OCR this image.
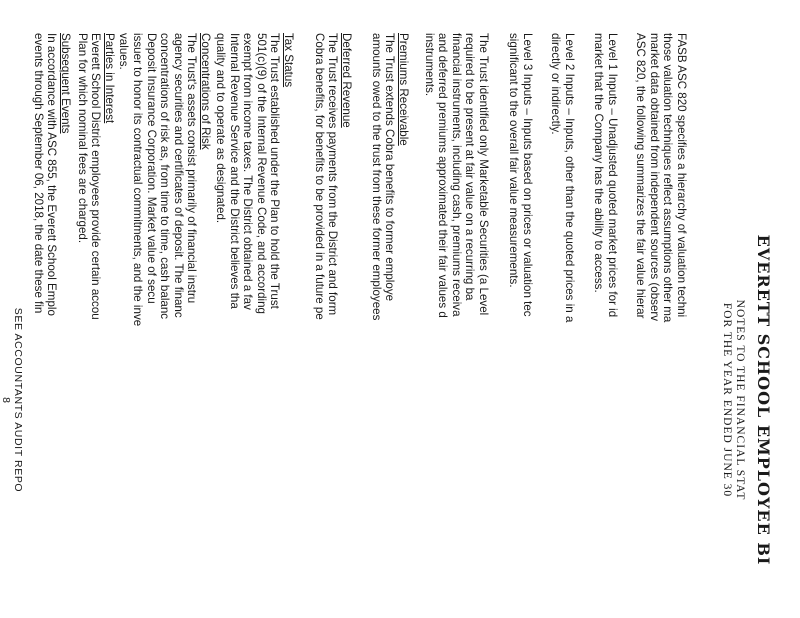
EVERETT SCHOOL EMPLOYEE BI
NOTES TO THE FINANCIAL STAT
FOR THE YEAR ENDED JUNE 30
FASB ASC 820 specifies a hierarchy of valuation techni
those valuation techniques reflect assumptions other ma
market data obtained from independent sources (observ
ASC 820, the following summarizes the fair value hierar
Level 1 Inputs – Unadjusted quoted market prices for id
market that the Company has the ability to access.
Level 2 Inputs – Inputs, other than the quoted prices in a
directly or indirectly.
Level 3 Inputs – Inputs based on prices or valuation tec
significant to the overall fair value measurements.
The Trust identified only Marketable Securities (a Level
required to be present at fair value on a recurring ba
financial instruments, including cash, premiums receiva
and deferred premiums approximated their fair values d
instruments.
Premiums Receivable
The Trust extends Cobra benefits to former employe
amounts owed to the trust from these former employees
Deferred Revenue
The Trust receives payments from the District and form
Cobra benefits, for benefits to be provided in a future pe
Tax Status
The Trust established under the Plan to hold the Trust
501(c)(9) of the Internal Revenue Code, and according
exempt from income taxes. The District obtained a fav
Internal Revenue Service and the District believes tha
quality and to operate as designated.
Concentrations of Risk
The Trust's assets consist primarily of financial instru
agency securities and certificates of deposit. The financ
concentrations of risk as, from time to time, cash balanc
Deposit Insurance Corporation. Market value of secu
issuer to honor its contractual commitments, and the inve
values.
Parties in Interest
Everett School District employees provide certain accou
Plan for which nominal fees are charged.
Subsequent Events
In accordance with ASC 855, the Everett School Emplo
events through September 06, 2018, the date these fin
SEE ACCOUNTANTS AUDIT REPO
8
